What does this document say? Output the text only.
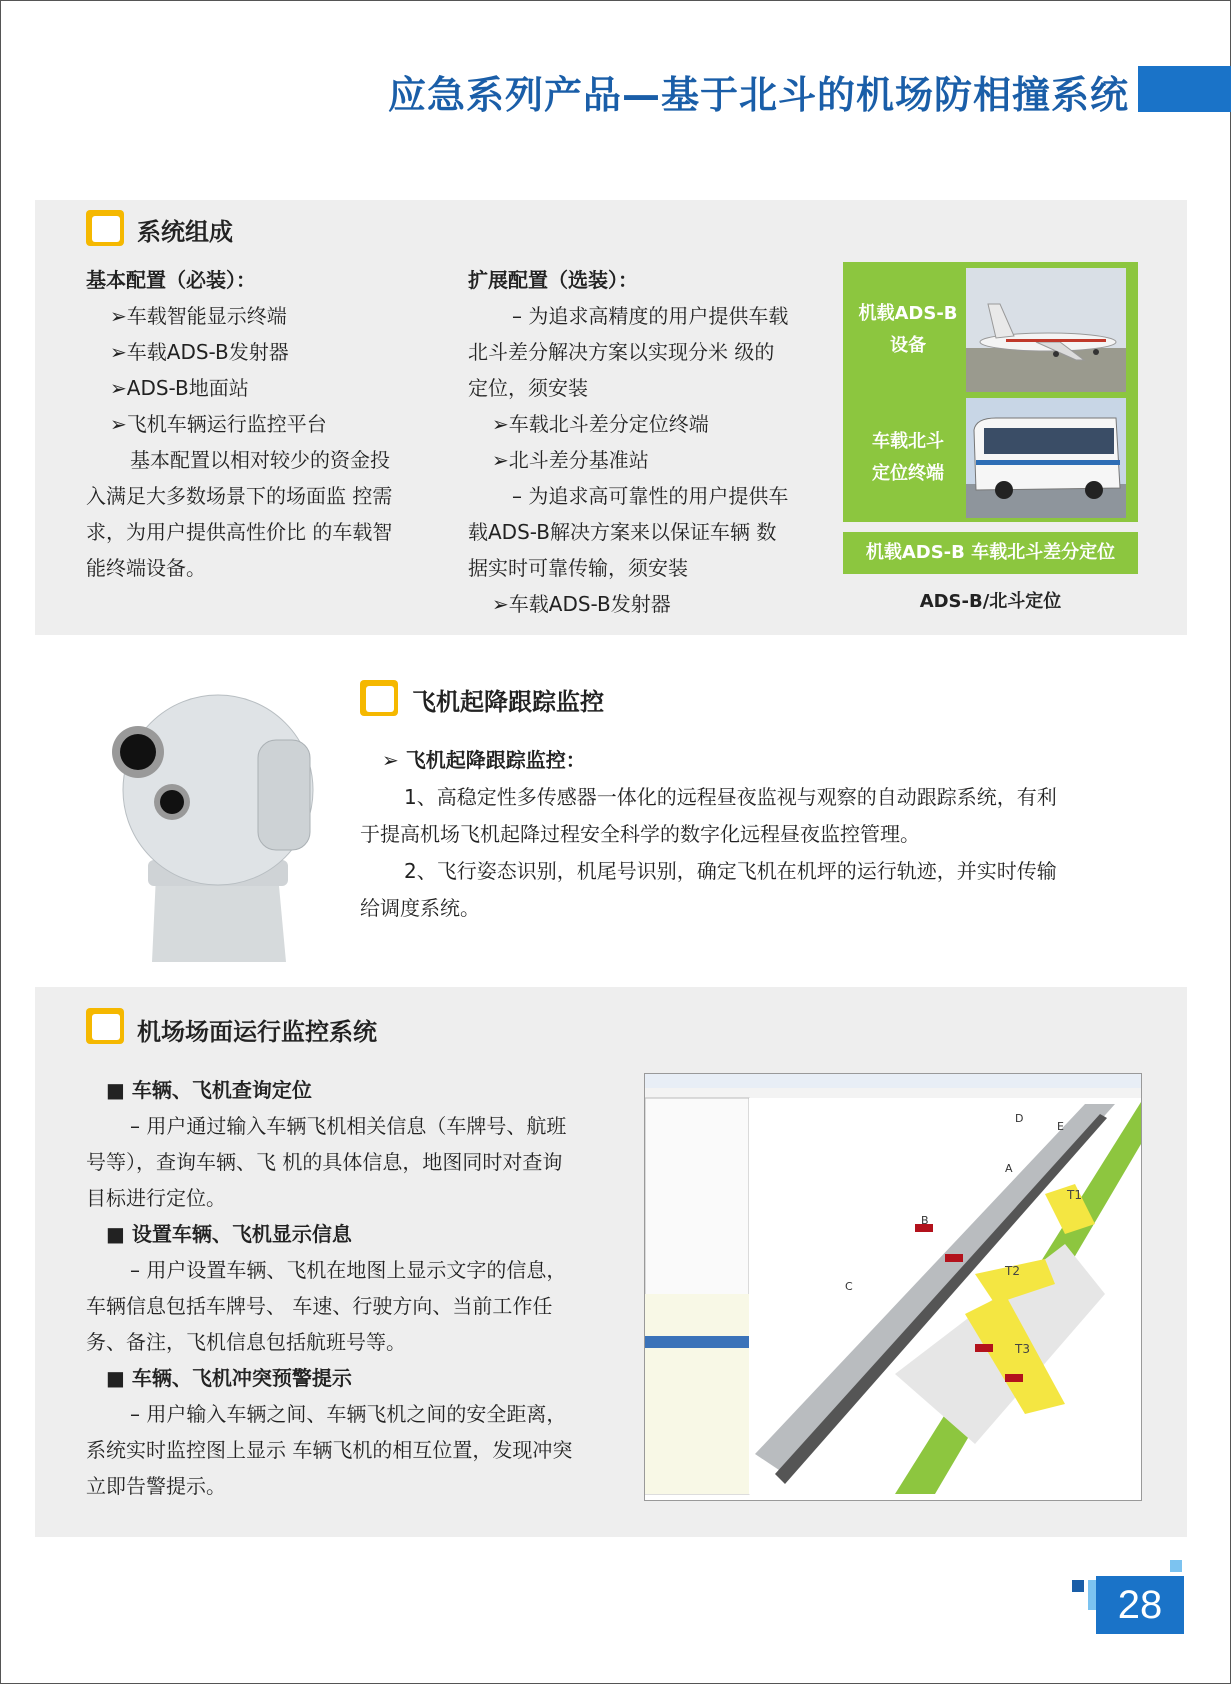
应急系列产品—基于北斗的机场防相撞系统
系统组成

基本配置（必装）：

➢车载智能显示终端

➢车载ADS-B发射器

➢ADS-B地面站

➢飞机车辆运行监控平台

基本配置以相对较少的资金投

入满足大多数场景下的场面监 控需

求，为用户提供高性价比 的车载智

能终端设备。

扩展配置（选装）：

– 为追求高精度的用户提供车载

北斗差分解决方案以实现分米 级的

定位，须安装

➢车载北斗差分定位终端

➢北斗差分基准站

– 为追求高可靠性的用户提供车

载ADS-B解决方案来以保证车辆 数

据实时可靠传输，须安装

➢车载ADS-B发射器

机载ADS-B
设备
车载北斗
定位终端
机载ADS-B 车载北斗差分定位
ADS-B/北斗定位
飞机起降跟踪监控

➢ 飞机起降跟踪监控：

1、高稳定性多传感器一体化的远程昼夜监视与观察的自动跟踪系统，有利

于提高机场飞机起降过程安全科学的数字化远程昼夜监控管理。

2、飞行姿态识别，机尾号识别，确定飞机在机坪的运行轨迹，并实时传输

给调度系统。

机场场面运行监控系统

■ 车辆、飞机查询定位

– 用户通过输入车辆飞机相关信息（车牌号、航班

号等），查询车辆、飞 机的具体信息，地图同时对查询

目标进行定位。

■ 设置车辆、飞机显示信息

– 用户设置车辆、飞机在地图上显示文字的信息，

车辆信息包括车牌号、 车速、行驶方向、当前工作任

务、备注，飞机信息包括航班号等。

■ 车辆、飞机冲突预警提示

– 用户输入车辆之间、车辆飞机之间的安全距离，

系统实时监控图上显示 车辆飞机的相互位置，发现冲突

立即告警提示。

T1
T2
T3
D
E
A
B
C
28
